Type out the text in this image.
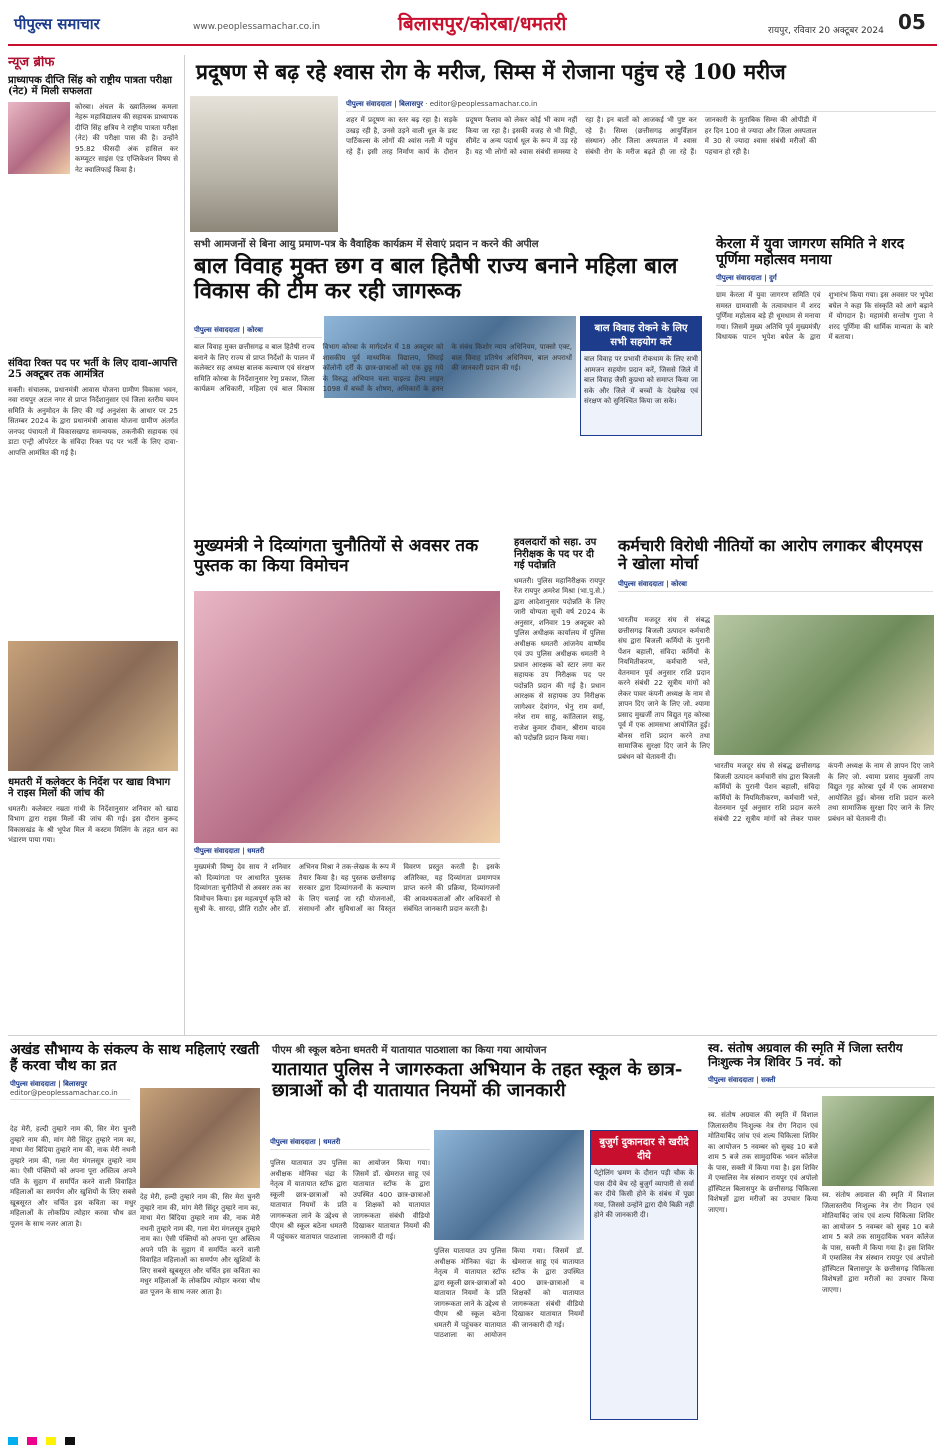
पीपुल्स समाचार	www.peoplessamachar.co.in	बिलासपुर/कोरबा/धमतरी	रायपुर, रविवार 20 अक्टूबर 2024 05
न्यूज ब्रीफ
प्राध्यापक दीप्ति सिंह को राष्ट्रीय पात्रता परीक्षा (नेट) में मिली सफलता
कोरबा। अंचल के ख्यातिलब्ध कमला नेहरू महाविद्यालय की सहायक प्राध्यापक दीप्ति सिंह क्षत्रिय ने राष्ट्रीय पात्रता परीक्षा (नेट) की परीक्षा पास की है। उन्होंने 95.82 फीसदी अंक हासिल कर कम्प्यूटर साइंस एंड एप्लिकेशन विषय से नेट क्वालिफाई किया है।
संविदा रिक्त पद पर भर्ती के लिए दावा-आपत्ति 25 अक्टूबर तक आमंत्रित
सक्ती। संचालक, प्रधानमंत्री आवास योजना ग्रामीण विकास भवन, नवा रायपुर अटल नगर से प्राप्त निर्देशानुसार एवं जिला स्तरीय चयन समिति के अनुमोदन के लिए की गई अनुशंसा के आधार पर 25 सितम्बर 2024 के द्वारा प्रधानमंत्री आवास योजना ग्रामीण अंतर्गत जनपद पंचायतों में विकासखण्ड समन्वयक, तकनीकी सहायक एवं डाटा एन्ट्री ऑपरेटर के संविदा रिक्त पद पर भर्ती के लिए दावा-आपत्ति आमंत्रित की गई है।
धमतरी में कलेक्टर के निर्देश पर खाद्य विभाग ने राइस मिलों की जांच की
धमतरी। कलेक्टर नम्रता गांधी के निर्देशानुसार शनिवार को खाद्य विभाग द्वारा राइस मिलों की जांच की गई। इस दौरान कुरूद विकासखंड के श्री भूपेश मिल में कस्टम मिलिंग के तहत धान का भंडारण पाया गया।
प्रदूषण से बढ़ रहे श्वास रोग के मरीज, सिम्स में रोजाना पहुंच रहे 100 मरीज
पीपुल्स संवाददाता | बिलासपुर · editor@peoplessamachar.co.in
शहर में प्रदूषण का स्तर बढ़ रहा है। सड़के उखड़ रही है, उनसे उड़ने वाली धूल के डस्ट पार्टिकल्स के लोगों की श्वांस नली में पहुंच रहे हैं। इसी तरह निर्माण कार्य के दौरान प्रदूषण फैलाव को लेकर कोई भी काम नहीं किया जा रहा है। इसकी वजह से भी मिट्टी, सीमेंट व अन्य पदार्थ धूल के रूप में उड़ रहे हैं। यह भी लोगों को श्वास संबंधी समस्या दे रहा है। इन बातों को आजकई भी पुष्ट कर रहे हैं। सिम्स (छत्तीसगढ़ आयुर्विज्ञान संस्थान) और जिला अस्पताल में श्वास संबंधी रोग के मरीज बढ़ते ही जा रहे हैं। जानकारी के मुताबिक सिम्स की ओपीडी में हर दिन 100 से ज्यादा और जिला अस्पताल में 30 से ज्यादा श्वास संबंधी मरीजों की पहचान हो रही है।
सभी आमजनों से बिना आयु प्रमाण-पत्र के वैवाहिक कार्यक्रम में सेवाएं प्रदान न करने की अपील
बाल विवाह मुक्त छग व बाल हितैषी राज्य बनाने महिला बाल विकास की टीम कर रही जागरूक
पीपुल्स संवाददाता | कोरबा
बाल विवाह मुक्त छत्तीसगढ़ व बाल हितैषी राज्य बनाने के लिए राज्य से प्राप्त निर्देशों के पालन में कलेक्टर सह अध्यक्ष बालक कल्याण एवं संरक्षण समिति कोरबा के निर्देशानुसार रेणु प्रकाश, जिला कार्यक्रम अधिकारी, महिला एवं बाल विकास विभाग कोरबा के मार्गदर्शन में 18 अक्टूबर को शासकीय पूर्व माध्यमिक विद्यालय, सिंघाई कॉलोनी दर्री के छात्र-छात्राओं को एक छुट्ट गये के विरुद्ध अभियान चला चाइल्ड हेल्प लाइन 1098 में बच्चों के शोषण, अधिकारों के हनन के संबंध किशोर न्याय अधिनियम, पाक्सो एक्ट, बाल विवाह प्रतिषेध अधिनियम, बाल अपराधों की जानकारी प्रदान की गई।
बाल विवाह रोकने के लिए सभी सहयोग करें
बाल विवाह पर प्रभावी रोकथाम के लिए सभी आमजन सहयोग प्रदान करें, जिससे जिले में बाल विवाह जैसी कुप्रथा को समाप्त किया जा सके और जिले में बच्चों के देखरेख एवं संरक्षण को सुनिश्चित किया जा सके।
केरला में युवा जागरण समिति ने शरद पूर्णिमा महोत्सव मनाया
पीपुल्स संवाददाता | दुर्ग
ग्राम केरला में युवा जागरण समिति एवं समस्त ग्रामवासी के तत्वावधान में शरद पूर्णिमा महोत्सव बड़े ही धूमधाम से मनाया गया। जिसमें मुख्य अतिथि पूर्व मुख्यमंत्री/विधायक पाटन भूपेश बघेल के द्वारा शुभारंभ किया गया। इस अवसर पर भूपेश बघेल ने कहा कि संस्कृति को आगे बढ़ाने में योगदान है। महामंत्री सन्तोष गुप्ता ने शरद पूर्णिमा की धार्मिक मान्यता के बारे में बताया।
मुख्यमंत्री ने दिव्यांगता चुनौतियों से अवसर तक पुस्तक का किया विमोचन
पीपुल्स संवाददाता | धमतरी
मुख्यमंत्री विष्णु देव साय ने शनिवार को दिव्यांगता पर आधारित पुस्तक दिव्यांगताः चुनौतियों से अवसर तक का विमोचन किया। इस महत्वपूर्ण कृति को सुश्री के. सारदा, प्रीति राठौर और डॉ. अभिनव मिश्रा ने तक-लेखक के रूप में तैयार किया है। यह पुस्तक छत्तीसगढ़ सरकार द्वारा दिव्यांगजनों के कल्याण के लिए चलाई जा रही योजनाओं, संसाधनों और सुविधाओं का विस्तृत विवरण प्रस्तुत करती है। इसके अतिरिक्त, यह दिव्यांगता प्रमाणपत्र प्राप्त करने की प्रक्रिया, दिव्यांगजनों की आवश्यकताओं और अधिकारों से संबंधित जानकारी प्रदान करती है।
हवलदारों को सहा. उप निरीक्षक के पद पर दी गई पदोन्नति
धमतरी। पुलिस महानिरीक्षक रायपुर रेंज रायपुर अमरेश मिश्रा (भा.पु.से.) द्वारा आदेशानुसार पदोन्नति के लिए जारी योग्यता सूची वर्ष 2024 के अनुसार, शनिवार 19 अक्टूबर को पुलिस अधीक्षक कार्यालय में पुलिस अधीक्षक धमतरी आंजनेय वार्ष्णेय एवं उप पुलिस अधीक्षक धमतरी ने प्रधान आरक्षक को स्टार लगा कर सहायक उप निरीक्षक पद पर पदोन्नति प्रदान की गई है। प्रधान आरक्षक से सहायक उप निरीक्षक जागेश्वर देवांगन, भेनु राम वर्मा, नरेश राम साहू, कांतिलाल साहू, राजेश कुमार दीवान, श्रीराम यादव को पदोन्नति प्रदान किया गया।
कर्मचारी विरोधी नीतियों का आरोप लगाकर बीएमएस ने खोला मोर्चा
पीपुल्स संवाददाता | कोरबा
भारतीय मजदूर संघ से संबद्ध छत्तीसगढ़ बिजली उत्पादन कर्मचारी संघ द्वारा बिजली कर्मियों के पुरानी पेंशन बहाली, संविदा कर्मियों के नियमितीकरण, कर्मचारी भत्ते, वेतनमान पूर्व अनुसार राशि प्रदान करने संबंधी 22 सूत्रीय मांगों को लेकर पावर कंपनी अध्यक्ष के नाम से ज्ञापन दिए जाने के लिए जो. श्यामा प्रसाद मुखर्जी ताप विद्युत गृह कोरबा पूर्व में एक आमसभा आयोजित हुई। बोनस राशि प्रदान करने तथा सामाजिक सुरक्षा दिए जाने के लिए प्रबंधन को चेतावनी दी।
भारतीय मजदूर संघ से संबद्ध छत्तीसगढ़ बिजली उत्पादन कर्मचारी संघ द्वारा बिजली कर्मियों के पुरानी पेंशन बहाली, संविदा कर्मियों के नियमितीकरण, कर्मचारी भत्ते, वेतनमान पूर्व अनुसार राशि प्रदान करने संबंधी 22 सूत्रीय मांगों को लेकर पावर कंपनी अध्यक्ष के नाम से ज्ञापन दिए जाने के लिए जो. श्यामा प्रसाद मुखर्जी ताप विद्युत गृह कोरबा पूर्व में एक आमसभा आयोजित हुई। बोनस राशि प्रदान करने तथा सामाजिक सुरक्षा दिए जाने के लिए प्रबंधन को चेतावनी दी।
अखंड सौभाग्य के संकल्प के साथ महिलाएं रखती हैं करवा चौथ का व्रत
पीपुल्स संवाददाता | बिलासपुर
editor@peoplessamachar.co.in
देह मेरी, हल्दी तुम्हारे नाम की, सिर मेरा चुनरी तुम्हारे नाम की, मांग मेरी सिंदूर तुम्हारे नाम का, माथा मेरा बिंदिया तुम्हारे नाम की, नाक मेरी नथनी तुम्हारे नाम की, गला मेरा मंगलसूत्र तुम्हारे नाम का। ऐसी पंक्तियों को अपना पूरा अस्तित्व अपने पति के सुहाग में समर्पित करने वाली विवाहित महिलाओं का समर्पण और खुशियों के लिए सबसे खूबसूरत और चर्चित इस कविता का मधुर महिलाओं के लोकप्रिय त्योहार करवा चौथ व्रत पूजन के साथ नजर आता है।
देह मेरी, हल्दी तुम्हारे नाम की, सिर मेरा चुनरी तुम्हारे नाम की, मांग मेरी सिंदूर तुम्हारे नाम का, माथा मेरा बिंदिया तुम्हारे नाम की, नाक मेरी नथनी तुम्हारे नाम की, गला मेरा मंगलसूत्र तुम्हारे नाम का। ऐसी पंक्तियों को अपना पूरा अस्तित्व अपने पति के सुहाग में समर्पित करने वाली विवाहित महिलाओं का समर्पण और खुशियों के लिए सबसे खूबसूरत और चर्चित इस कविता का मधुर महिलाओं के लोकप्रिय त्योहार करवा चौथ व्रत पूजन के साथ नजर आता है।
पीएम श्री स्कूल बठेना धमतरी में यातायात पाठशाला का किया गया आयोजन
यातायात पुलिस ने जागरुकता अभियान के तहत स्कूल के छात्र-छात्राओं को दी यातायात नियमों की जानकारी
पीपुल्स संवाददाता | धमतरी
पुलिस यातायात उप पुलिस अधीक्षक मोनिका चंद्रा के नेतृत्व में यातायात स्टॉफ द्वारा स्कूली छात्र-छात्राओं को यातायात नियमों के प्रति जागरूकता लाने के उद्देश्य से पीएम श्री स्कूल बठेना धमतरी में पहुंचकर यातायात पाठशाला का आयोजन किया गया। जिसमें डॉ. खेमराज साहू एवं यातायात स्टॉफ के द्वारा उपस्थित 400 छात्र-छात्राओं व शिक्षकों को यातायात जागरूकता संबंधी वीडियो दिखाकर यातायात नियमों की जानकारी दी गई।
पुलिस यातायात उप पुलिस अधीक्षक मोनिका चंद्रा के नेतृत्व में यातायात स्टॉफ द्वारा स्कूली छात्र-छात्राओं को यातायात नियमों के प्रति जागरूकता लाने के उद्देश्य से पीएम श्री स्कूल बठेना धमतरी में पहुंचकर यातायात पाठशाला का आयोजन किया गया। जिसमें डॉ. खेमराज साहू एवं यातायात स्टॉफ के द्वारा उपस्थित 400 छात्र-छात्राओं व शिक्षकों को यातायात जागरूकता संबंधी वीडियो दिखाकर यातायात नियमों की जानकारी दी गई।
बुजुर्ग दुकानदार से खरीदे दीये
पेट्रोलिंग भ्रमण के दौरान पड़ी चौक के पास दीये बेच रहे बुजुर्ग व्यापारी से सर्वा कर दीये किसी होने के संबंध में पूछा गया, जिससे उन्होंने द्वारा दीये बिक्री नहीं होने की जानकारी दी।
स्व. संतोष अग्रवाल की स्मृति में जिला स्तरीय निःशुल्क नेत्र शिविर 5 नवं. को
पीपुल्स संवाददाता | सक्ती
स्व. संतोष अग्रवाल की स्मृति में विशाल जिलास्तरीय निःशुल्क नेत्र रोग निदान एवं मोतियाबिंद जांच एवं शल्य चिकित्सा शिविर का आयोजन 5 नवम्बर को सुबह 10 बजे शाम 5 बजे तक सामुदायिक भवन कॉलेज के पास, सक्ती में किया गया है। इस शिविर में एम्सलिस नेत्र संस्थान रायपुर एवं अपोलो हॉस्पिटल बिलासपुर के छत्तीसगढ़ चिकित्सा विशेषज्ञों द्वारा मरीजों का उपचार किया जाएगा।
स्व. संतोष अग्रवाल की स्मृति में विशाल जिलास्तरीय निःशुल्क नेत्र रोग निदान एवं मोतियाबिंद जांच एवं शल्य चिकित्सा शिविर का आयोजन 5 नवम्बर को सुबह 10 बजे शाम 5 बजे तक सामुदायिक भवन कॉलेज के पास, सक्ती में किया गया है। इस शिविर में एम्सलिस नेत्र संस्थान रायपुर एवं अपोलो हॉस्पिटल बिलासपुर के छत्तीसगढ़ चिकित्सा विशेषज्ञों द्वारा मरीजों का उपचार किया जाएगा।
